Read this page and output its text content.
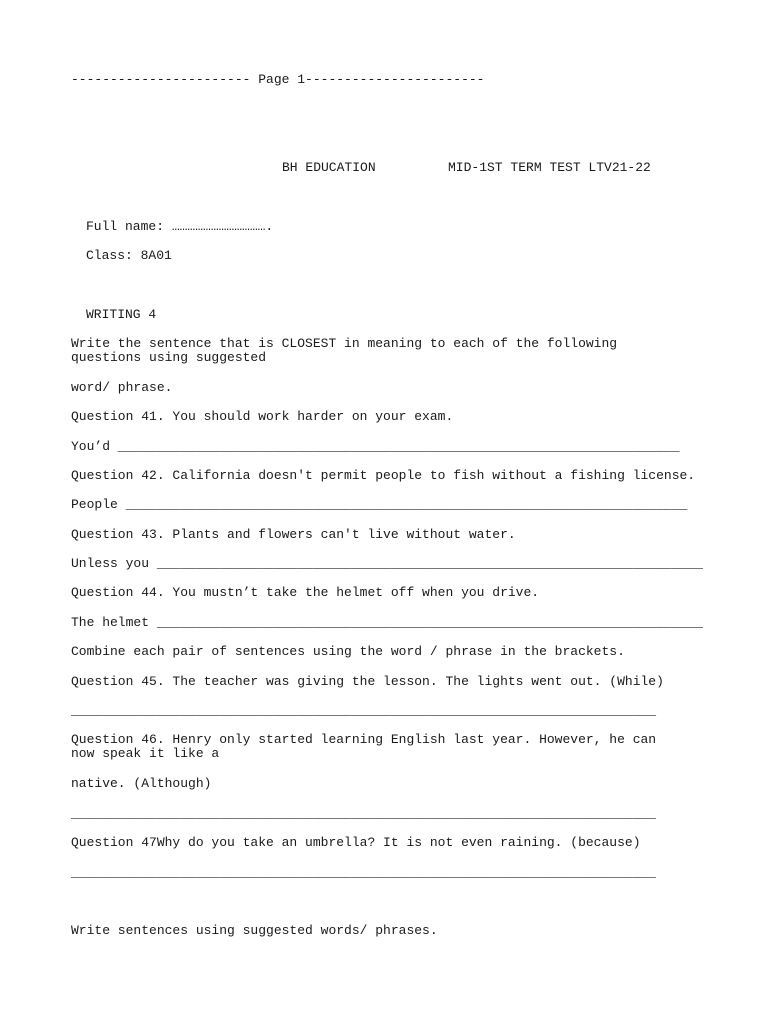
----------------------- Page 1-----------------------
BH EDUCATION	MID-1ST TERM TEST LTV21-22
Full name: ……………………………….
Class: 8A01
WRITING 4
Write the sentence that is CLOSEST in meaning to each of the following questions using suggested
word/ phrase.
Question 41. You should work harder on your exam.
You’d ________________________________________________________________________
Question 42. California doesn't permit people to fish without a fishing license.
People ________________________________________________________________________
Question 43. Plants and flowers can't live without water.
Unless you ______________________________________________________________________
Question 44. You mustn’t take the helmet off when you drive.
The helmet ______________________________________________________________________
Combine each pair of sentences using the word / phrase in the brackets.
Question 45. The teacher was giving the lesson. The lights went out. (While)
___________________________________________________________________________
Question 46. Henry only started learning English last year. However, he can now speak it like a
native. (Although)
___________________________________________________________________________
Question 47Why do you take an umbrella? It is not even raining. (because)
___________________________________________________________________________
Write sentences using suggested words/ phrases.
